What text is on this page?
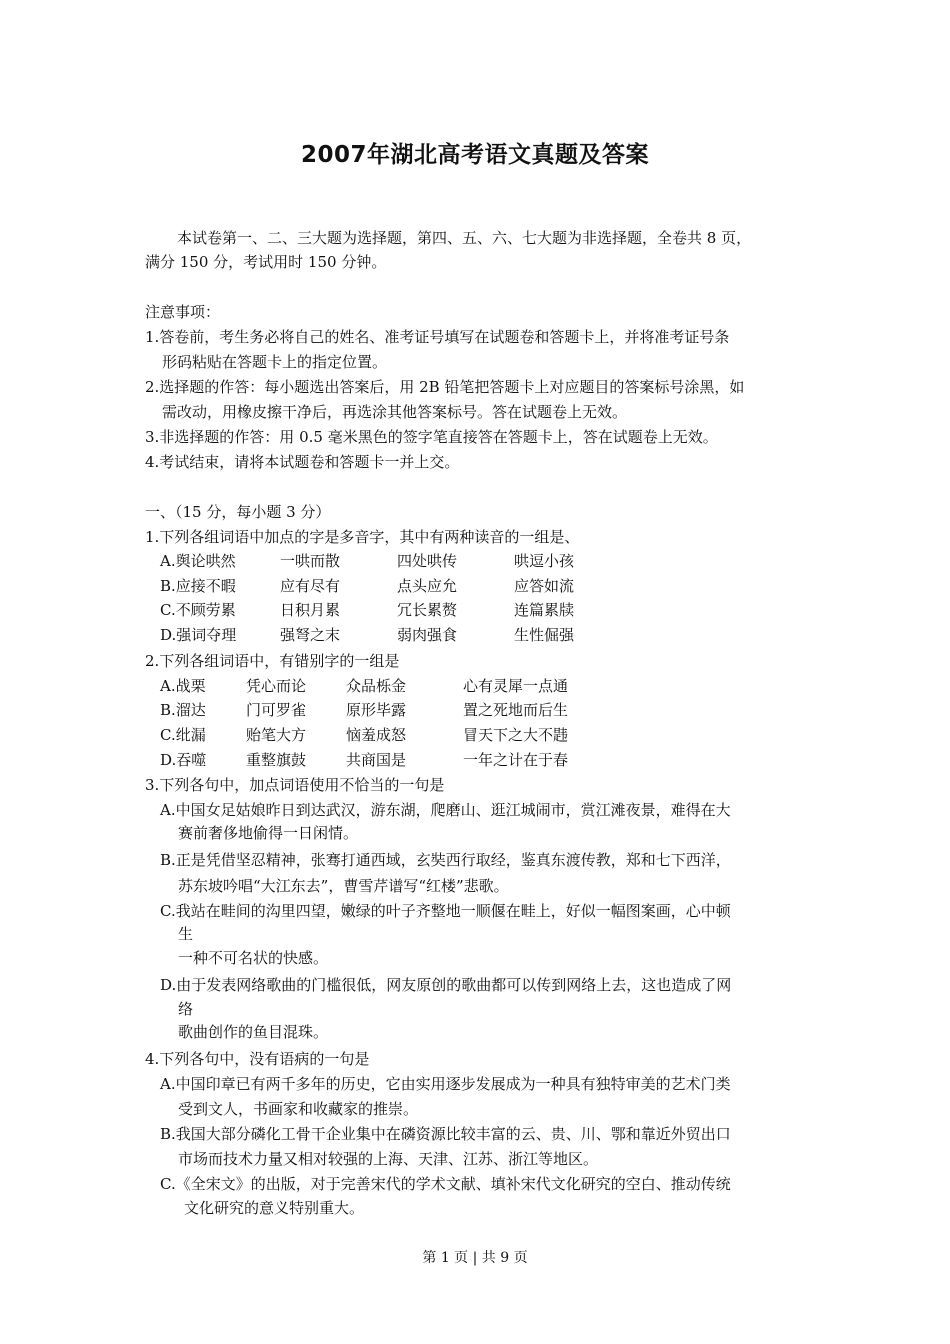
2007年湖北高考语文真题及答案
本试卷第一、二、三大题为选择题，第四、五、六、七大题为非选择题，全卷共 8 页，
满分 150 分，考试用时 150 分钟。
注意事项：
1.答卷前，考生务必将自己的姓名、准考证号填写在试题卷和答题卡上，并将准考证号条
形码粘贴在答题卡上的指定位置。
2.选择题的作答：每小题选出答案后，用 2B 铅笔把答题卡上对应题目的答案标号涂黑，如
需改动，用橡皮擦干净后，再选涂其他答案标号。答在试题卷上无效。
3.非选择题的作答：用 0.5 毫米黑色的签字笔直接答在答题卡上，答在试题卷上无效。
4.考试结束，请将本试题卷和答题卡一并上交。
一、（15 分，每小题 3 分）
1.下列各组词语中加点的字是多音字，其中有两种读音的一组是、
A.舆论哄然	一哄而散	四处哄传	哄逗小孩
B.应接不暇	应有尽有	点头应允	应答如流
C.不顾劳累	日积月累	冗长累赘	连篇累牍
D.强词夺理	强弩之末	弱肉强食	生性倔强
2.下列各组词语中，有错别字的一组是
A.战栗	凭心而论	众品栎金	心有灵犀一点通
B.溜达	门可罗雀	原形毕露	置之死地而后生
C.纰漏	贻笔大方	恼羞成怒	冒天下之大不韪
D.吞噬	重整旗鼓	共商国是	一年之计在于春
3.下列各句中，加点词语使用不恰当的一句是
A.中国女足姑娘昨日到达武汉，游东湖，爬磨山、逛江城闹市，赏江滩夜景，难得在大
赛前奢侈地偷得一日闲情。
B.正是凭借坚忍精神，张骞打通西域，玄奘西行取经，鉴真东渡传教，郑和七下西洋，
苏东坡吟唱“大江东去”，曹雪芹谱写“红楼”悲歌。
C.我站在畦间的沟里四望，嫩绿的叶子齐整地一顺偃在畦上，好似一幅图案画，心中顿
生
一种不可名状的快感。
D.由于发表网络歌曲的门槛很低，网友原创的歌曲都可以传到网络上去，这也造成了网
络
歌曲创作的鱼目混珠。
4.下列各句中，没有语病的一句是
A.中国印章已有两千多年的历史，它由实用逐步发展成为一种具有独特审美的艺术门类
受到文人，书画家和收藏家的推崇。
B.我国大部分磷化工骨干企业集中在磷资源比较丰富的云、贵、川、鄂和靠近外贸出口
市场而技术力量又相对较强的上海、天津、江苏、浙江等地区。
C.《全宋文》的出版，对于完善宋代的学术文献、填补宋代文化研究的空白、推动传统
文化研究的意义特别重大。
第 1 页 | 共 9 页
